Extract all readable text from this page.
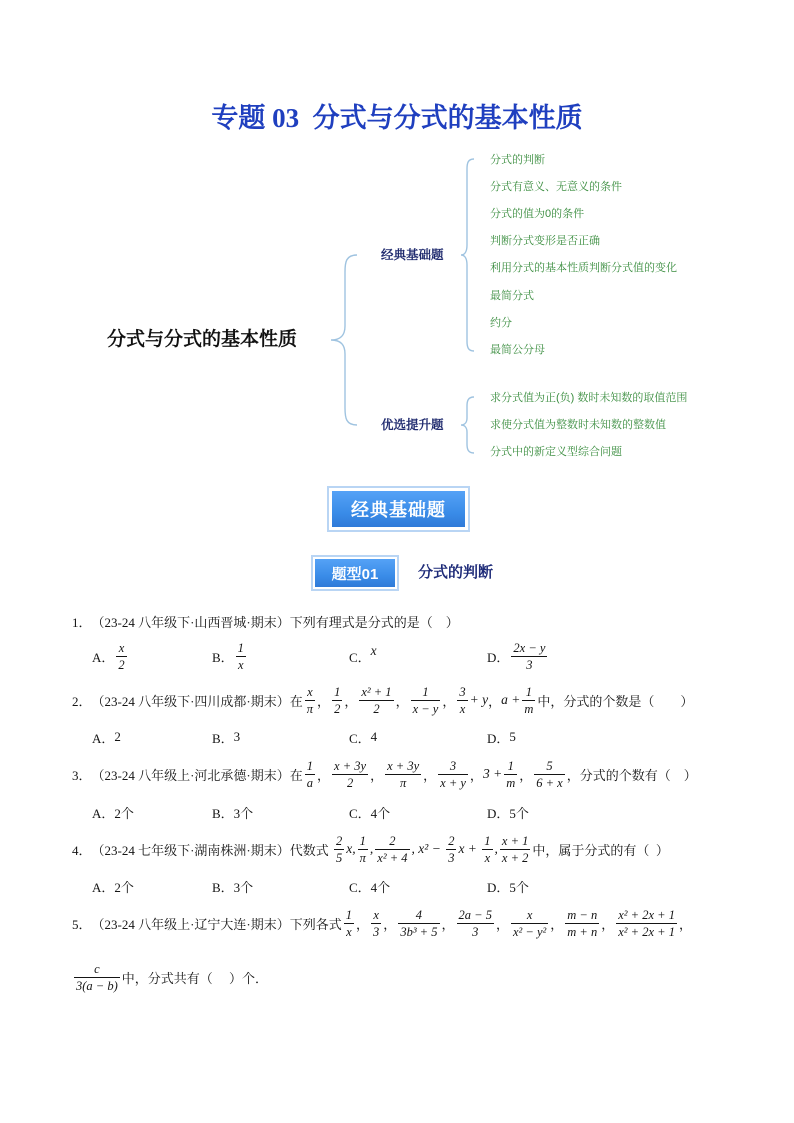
专题 03  分式与分式的基本性质
分式与分式的基本性质
经典基础题
优选提升题
分式的判断
分式有意义、无意义的条件
分式的值为0的条件
判断分式变形是否正确
利用分式的基本性质判断分式值的变化
最简分式
约分
最简公分母
求分式值为正(负) 数时未知数的取值范围
求使分式值为整数时未知数的整数值
分式中的新定义型综合问题
经典基础题
题型01	分式的判断
1． （23-24 八年级下·山西晋城·期末） 下列有理式是分式的是（    ）
A． $\frac{x}{2}$	B． $\frac{1}{x}$	C． x	D． $\frac{2x - y}{3}$
2． （23-24 八年级下·四川成都·期末） 在 $\frac{x}{\pi}$ ， $\frac{1}{2}$ ， $\frac{\text{x² + 1}}{2}$ ， $\frac{1}{x - y}$ ， $\frac{3}{x} + y$ ， $a + \frac{1}{m}$ 中，分式的个数是（        ）
A． 2	B． 3	C． 4	D． 5
3． （23-24 八年级上·河北承德·期末） 在 $\frac{1}{a}$ ， $\frac{x + 3y}{2}$ ， $\frac{x + 3y}{\pi}$ ， $\frac{3}{x + y}$ ， $3 + \frac{1}{m}$ ， $\frac{5}{6 + x}$ ，分式的个数有（    ）
A． 2个	B． 3个	C． 4个	D． 5个
4． （23-24 七年级下·湖南株洲·期末） 代数式 $\frac{2}{5} x$, $\frac{1}{\pi}$ , $\frac{2}{\text{x² + 4}}$ , $x^2 - \frac{2}{3}$ $x + \frac{1}{x}$ , $\frac{x + 1}{x + 2}$ 中，属于分式的有（  ）
A． 2个	B． 3个	C． 4个	D． 5个
5． （23-24 八年级上·辽宁大连·期末） 下列各式 $\frac{1}{x}$ ， $\frac{x}{3}$ ， $\frac{4}{\text{3b³ + 5}}$ ， $\frac{2a - 5}{3}$ ， $\frac{x}{\text{x² − y²}}$ ， $\frac{m - n}{m + n}$ ， $\frac{\text{x² + 2x + 1}}{\text{x² + 2x + 1}}$ ，
$\frac{c}{3(a - b)}$ 中，分式共有（     ）个．
